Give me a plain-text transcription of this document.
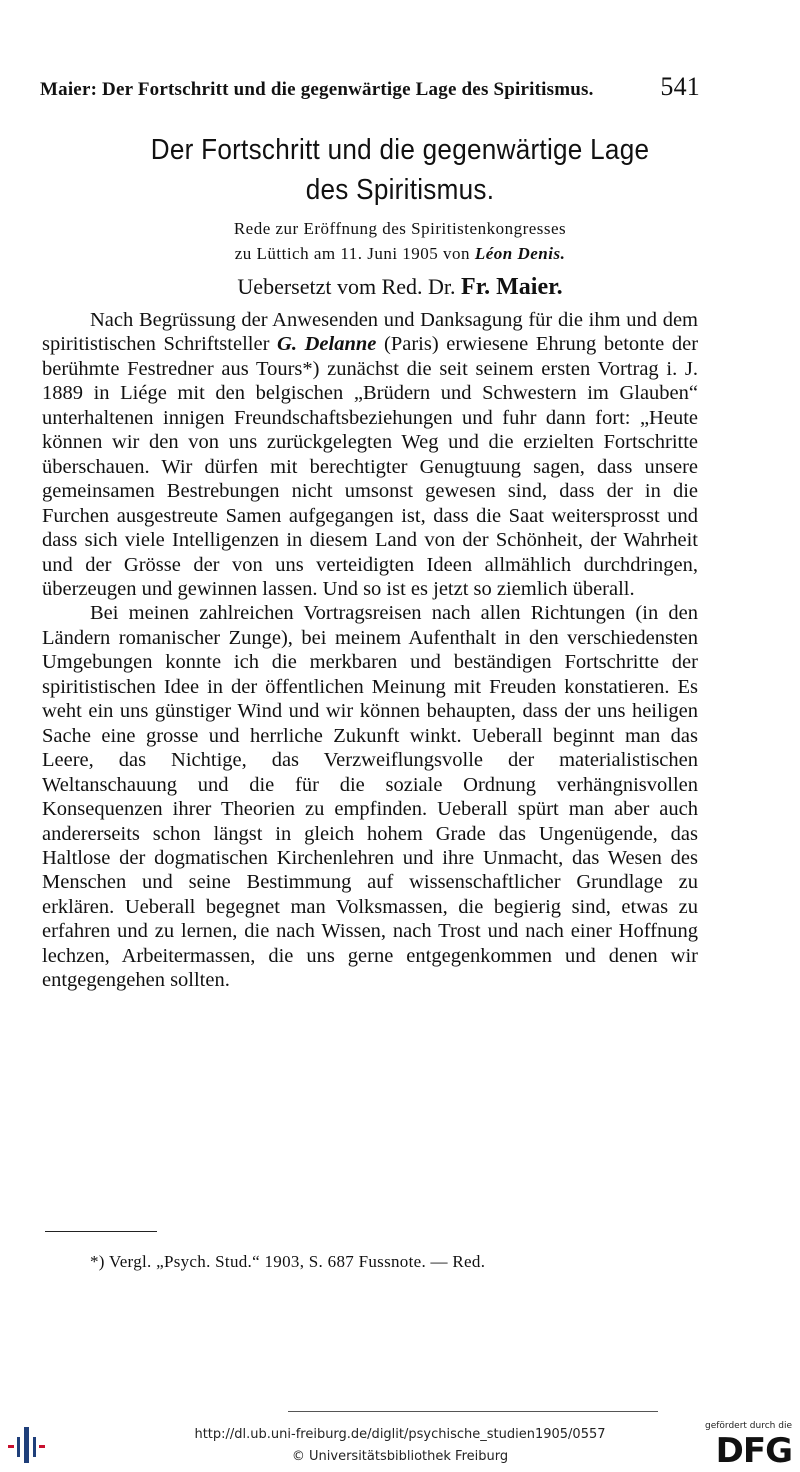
Maier: Der Fortschritt und die gegenwärtige Lage des Spiritismus.	541
Der Fortschritt und die gegenwärtige Lage
des Spiritismus.
Rede zur Eröffnung des Spiritistenkongresses
zu Lüttich am 11. Juni 1905 von Léon Denis.
Uebersetzt vom Red. Dr. Fr. Maier.

Nach Begrüssung der Anwesenden und Danksagung für die ihm und dem spiritistischen Schriftsteller G. Delanne (Paris) erwiesene Ehrung betonte der berühmte Festredner aus Tours*) zunächst die seit seinem ersten Vortrag i. J. 1889 in Liége mit den belgischen „Brüdern und Schwestern im Glauben“ unterhaltenen innigen Freundschaftsbeziehungen und fuhr dann fort: „Heute können wir den von uns zurückgelegten Weg und die erzielten Fortschritte überschauen. Wir dürfen mit berechtigter Genugtuung sagen, dass unsere gemeinsamen Bestrebungen nicht umsonst gewesen sind, dass der in die Furchen ausgestreute Samen aufgegangen ist, dass die Saat weitersprosst und dass sich viele Intelligenzen in diesem Land von der Schönheit, der Wahrheit und der Grösse der von uns verteidigten Ideen allmählich durchdringen, überzeugen und gewinnen lassen. Und so ist es jetzt so ziemlich überall.

Bei meinen zahlreichen Vortragsreisen nach allen Richtungen (in den Ländern romanischer Zunge), bei meinem Aufenthalt in den verschiedensten Umgebungen konnte ich die merkbaren und beständigen Fortschritte der spiritistischen Idee in der öffentlichen Meinung mit Freuden konstatieren. Es weht ein uns günstiger Wind und wir können behaupten, dass der uns heiligen Sache eine grosse und herrliche Zukunft winkt. Ueberall beginnt man das Leere, das Nichtige, das Verzweiflungsvolle der materialistischen Weltanschauung und die für die soziale Ordnung verhängnisvollen Konsequenzen ihrer Theorien zu empfinden. Ueberall spürt man aber auch andererseits schon längst in gleich hohem Grade das Ungenügende, das Haltlose der dogmatischen Kirchenlehren und ihre Unmacht, das Wesen des Menschen und seine Bestimmung auf wissenschaftlicher Grundlage zu erklären. Ueberall begegnet man Volksmassen, die begierig sind, etwas zu erfahren und zu lernen, die nach Wissen, nach Trost und nach einer Hoffnung lechzen, Arbeitermassen, die uns gerne entgegenkommen und denen wir entgegengehen sollten.

*) Vergl. „Psych. Stud.“ 1903, S. 687 Fussnote. — Red.
http://dl.ub.uni-freiburg.de/diglit/psychische_studien1905/0557
© Universitätsbibliothek Freiburg
gefördert durch die
DFG
